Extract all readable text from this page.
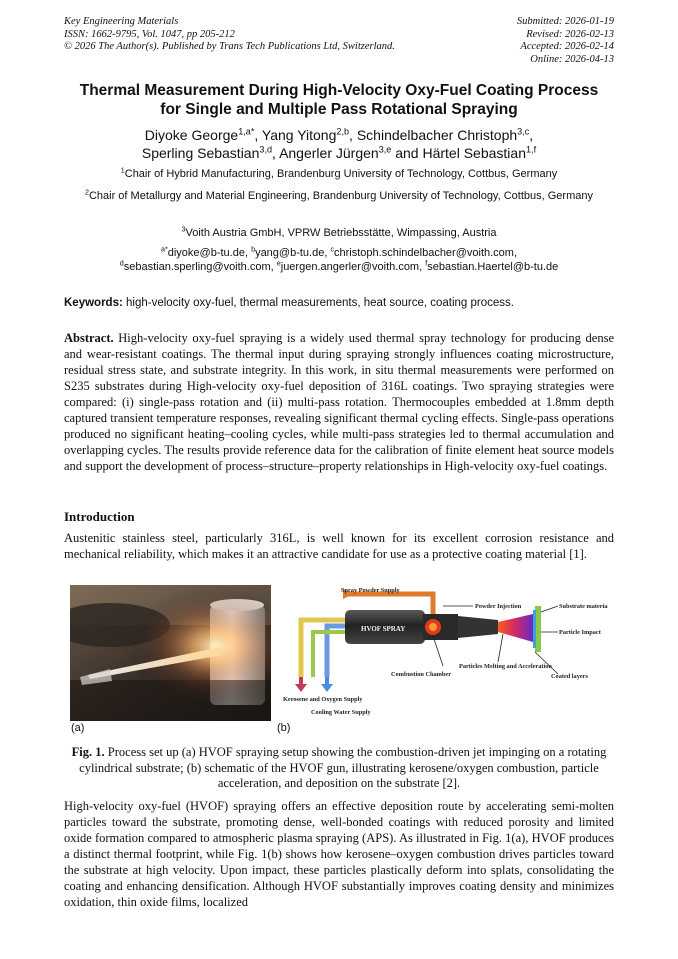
Key Engineering Materials
ISSN: 1662-9795, Vol. 1047, pp 205-212
© 2026 The Author(s). Published by Trans Tech Publications Ltd, Switzerland.
Submitted: 2026-01-19
Revised: 2026-02-13
Accepted: 2026-02-14
Online: 2026-04-13
Thermal Measurement During High-Velocity Oxy-Fuel Coating Process
for Single and Multiple Pass Rotational Spraying
Diyoke George$^{1,a*}$, Yang Yitong$^{2,b}$, Schindelbacher Christoph$^{3,c}$,
Sperling Sebastian$^{3,d}$, Angerler Jürgen$^{3,e}$ and Härtel Sebastian$^{1,f}$
$^1$Chair of Hybrid Manufacturing, Brandenburg University of Technology, Cottbus, Germany
$^2$Chair of Metallurgy and Material Engineering, Brandenburg University of Technology, Cottbus, Germany
$^3$Voith Austria GmbH, VPRW Betriebsstätte, Wimpassing, Austria
$^{a*}$diyoke@b-tu.de, $^b$yang@b-tu.de, $^c$christoph.schindelbacher@voith.com,
$^d$sebastian.sperling@voith.com, $^e$juergen.angerler@voith.com, $^f$sebastian.Haertel@b-tu.de
Keywords: high-velocity oxy-fuel, thermal measurements, heat source, coating process.
Abstract. High-velocity oxy-fuel spraying is a widely used thermal spray technology for producing dense and wear-resistant coatings. The thermal input during spraying strongly influences coating microstructure, residual stress state, and substrate integrity. In this work, in situ thermal measurements were performed on S235 substrates during High-velocity oxy-fuel deposition of 316L coatings. Two spraying strategies were compared: (i) single-pass rotation and (ii) multi-pass rotation. Thermocouples embedded at 1.8mm depth captured transient temperature responses, revealing significant thermal cycling effects. Single-pass operations produced no significant heating–cooling cycles, while multi-pass strategies led to thermal accumulation and overlapping cycles. The results provide reference data for the calibration of finite element heat source models and support the development of process–structure–property relationships in High-velocity oxy-fuel coatings.
Introduction
Austenitic stainless steel, particularly 316L, is well known for its excellent corrosion resistance and mechanical reliability, which makes it an attractive candidate for use as a protective coating material [1].
Spray Powder Supply
Powder Injection
HVOF SPRAY
Substrate material
Particle Impact
Particles Melting and Acceleration
Combustion Chamber	Coated layers
Kerosene and Oxygen Supply
Cooling Water Supply
(a)	(b)
Fig. 1. Process set up (a) HVOF spraying setup showing the combustion-driven jet impinging on a rotating cylindrical substrate; (b) schematic of the HVOF gun, illustrating kerosene/oxygen combustion, particle acceleration, and deposition on the substrate [2].
High-velocity oxy-fuel (HVOF) spraying offers an effective deposition route by accelerating semi-molten particles toward the substrate, promoting dense, well-bonded coatings with reduced porosity and limited oxide formation compared to atmospheric plasma spraying (APS). As illustrated in Fig. 1(a), HVOF produces a distinct thermal footprint, while Fig. 1(b) shows how kerosene–oxygen combustion drives particles toward the substrate at high velocity. Upon impact, these particles plastically deform into splats, consolidating the coating and enhancing densification. Although HVOF substantially improves coating density and minimizes oxidation, thin oxide films, localized
